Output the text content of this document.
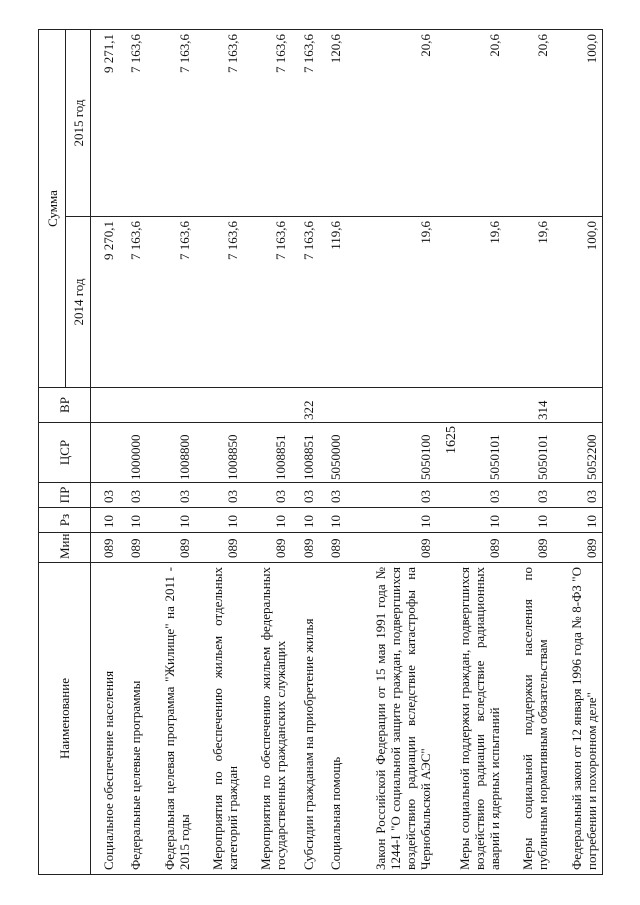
1625
Наименование	Мин	Рз	ПР	ЦСР	ВР	Сумма	
						2014 год	2015 год
Социальное обеспечение населения	089	10	03			9 270,1	9 271,1
Федеральные целевые программы	089	10	03	1000000		7 163,6	7 163,6
Федеральная целевая программа "Жилище" на 2011 - 2015 годы	089	10	03	1008800		7 163,6	7 163,6
Мероприятия по обеспечению жильем отдельных категорий граждан	089	10	03	1008850		7 163,6	7 163,6
Мероприятия по обеспечению жильем федеральных государственных гражданских служащих	089	10	03	1008851		7 163,6	7 163,6
Субсидии гражданам на приобретение жилья	089	10	03	1008851	322	7 163,6	7 163,6
Социальная помощь	089	10	03	5050000		119,6	120,6
Закон Российской Федерации от 15 мая 1991 года № 1244-I "О социальной защите граждан, подвергшихся воздействию радиации вследствие катастрофы на Чернобыльской АЭС"	089	10	03	5050100		19,6	20,6
Меры социальной поддержки граждан, подвергшихся воздействию радиации вследствие радиационных аварий и ядерных испытаний	089	10	03	5050101		19,6	20,6
Меры социальной поддержки населения по публичным нормативным обязательствам	089	10	03	5050101	314	19,6	20,6
Федеральный закон от 12 января 1996 года № 8-ФЗ "О погребении и похоронном деле"	089	10	03	5052200		100,0	100,0
